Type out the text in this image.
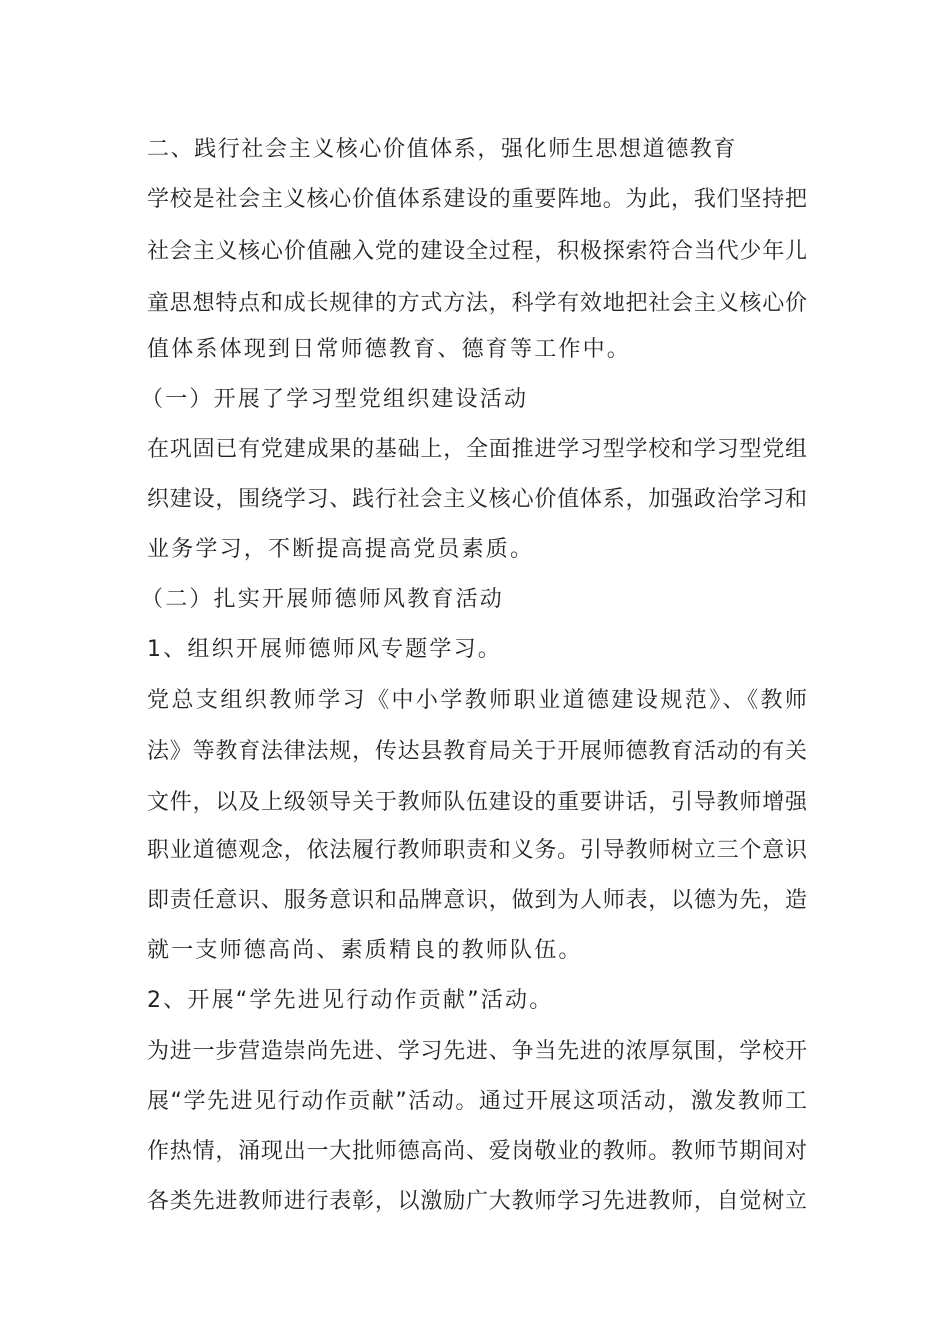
二、践行社会主义核心价值体系，强化师生思想道德教育
学校是社会主义核心价值体系建设的重要阵地。为此，我们坚持把
社会主义核心价值融入党的建设全过程，积极探索符合当代少年儿
童思想特点和成长规律的方式方法，科学有效地把社会主义核心价
值体系体现到日常师德教育、德育等工作中。
（一）开展了学习型党组织建设活动
在巩固已有党建成果的基础上，全面推进学习型学校和学习型党组
织建设，围绕学习、践行社会主义核心价值体系，加强政治学习和
业务学习，不断提高提高党员素质。
（二）扎实开展师德师风教育活动
1、组织开展师德师风专题学习。
党总支组织教师学习《中小学教师职业道德建设规范》、《教师
法》等教育法律法规，传达县教育局关于开展师德教育活动的有关
文件，以及上级领导关于教师队伍建设的重要讲话，引导教师增强
职业道德观念，依法履行教师职责和义务。引导教师树立三个意识
即责任意识、服务意识和品牌意识，做到为人师表，以德为先，造
就一支师德高尚、素质精良的教师队伍。
2、开展“学先进见行动作贡献”活动。
为进一步营造崇尚先进、学习先进、争当先进的浓厚氛围，学校开
展“学先进见行动作贡献”活动。通过开展这项活动，激发教师工
作热情，涌现出一大批师德高尚、爱岗敬业的教师。教师节期间对
各类先进教师进行表彰，以激励广大教师学习先进教师，自觉树立
